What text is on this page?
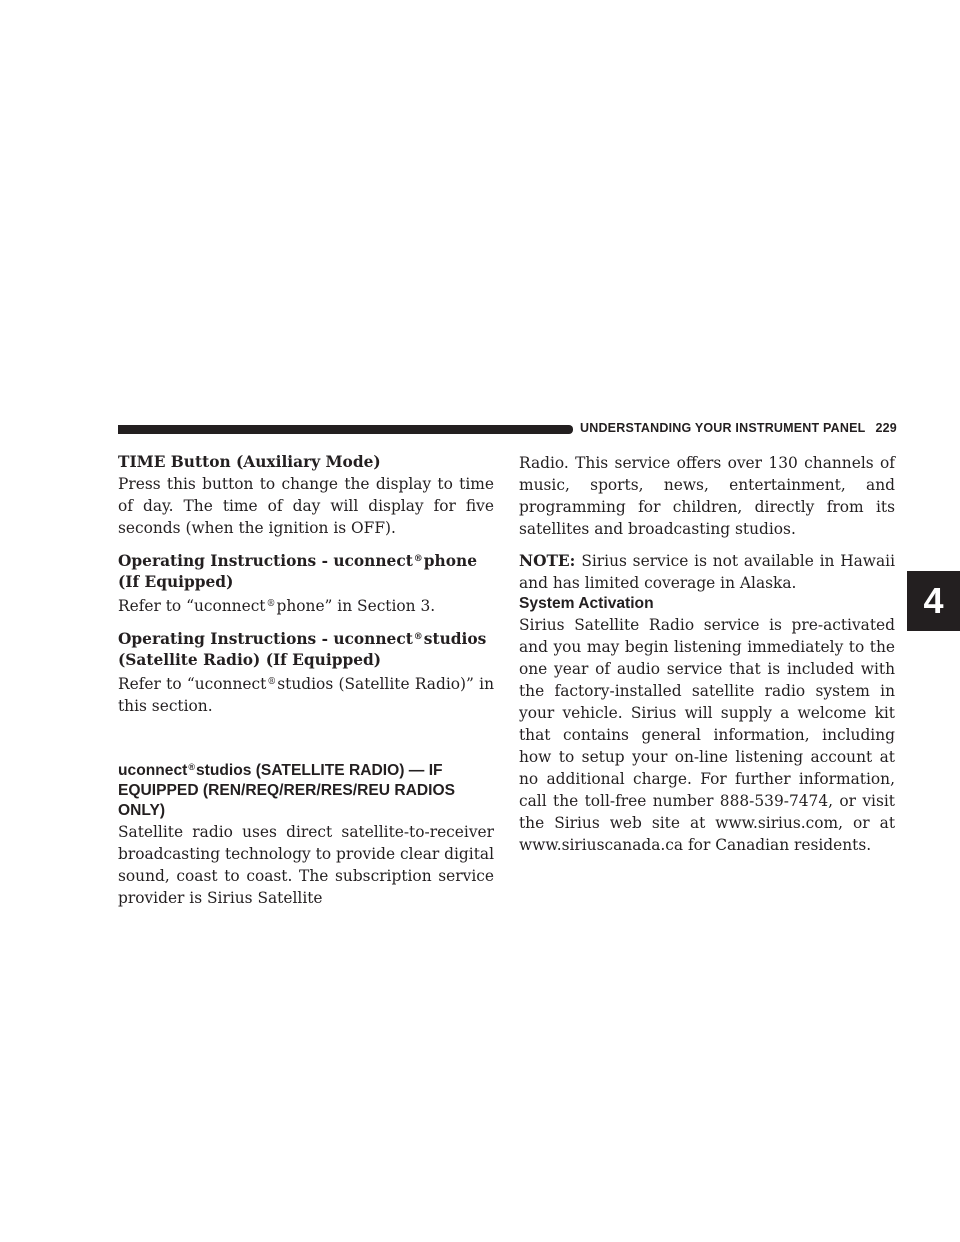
UNDERSTANDING YOUR INSTRUMENT PANEL 229
4
TIME Button (Auxiliary Mode)

Press this button to change the display to time of day. The time of day will display for five seconds (when the ignition is OFF).

Operating Instructions - uconnect®phone (If Equipped)

Refer to “uconnect®phone” in Section 3.

Operating Instructions - uconnect®studios (Satellite Radio) (If Equipped)

Refer to “uconnect®studios (Satellite Radio)” in this section.

uconnect®studios (SATELLITE RADIO) — IF EQUIPPED (REN/REQ/RER/RES/REU RADIOS ONLY)

Satellite radio uses direct satellite-to-receiver broadcasting technology to provide clear digital sound, coast to coast. The subscription service provider is Sirius Satellite

Radio. This service offers over 130 channels of music, sports, news, entertainment, and programming for children, directly from its satellites and broadcasting studios.

NOTE: Sirius service is not available in Hawaii and has limited coverage in Alaska.

System Activation

Sirius Satellite Radio service is pre-activated and you may begin listening immediately to the one year of audio service that is included with the factory-installed satellite radio system in your vehicle. Sirius will supply a welcome kit that contains general information, including how to setup your on-line listening account at no additional charge. For further information, call the toll-free number 888-539-7474, or visit the Sirius web site at www.sirius.com, or at www.siriuscanada.ca for Canadian residents.
